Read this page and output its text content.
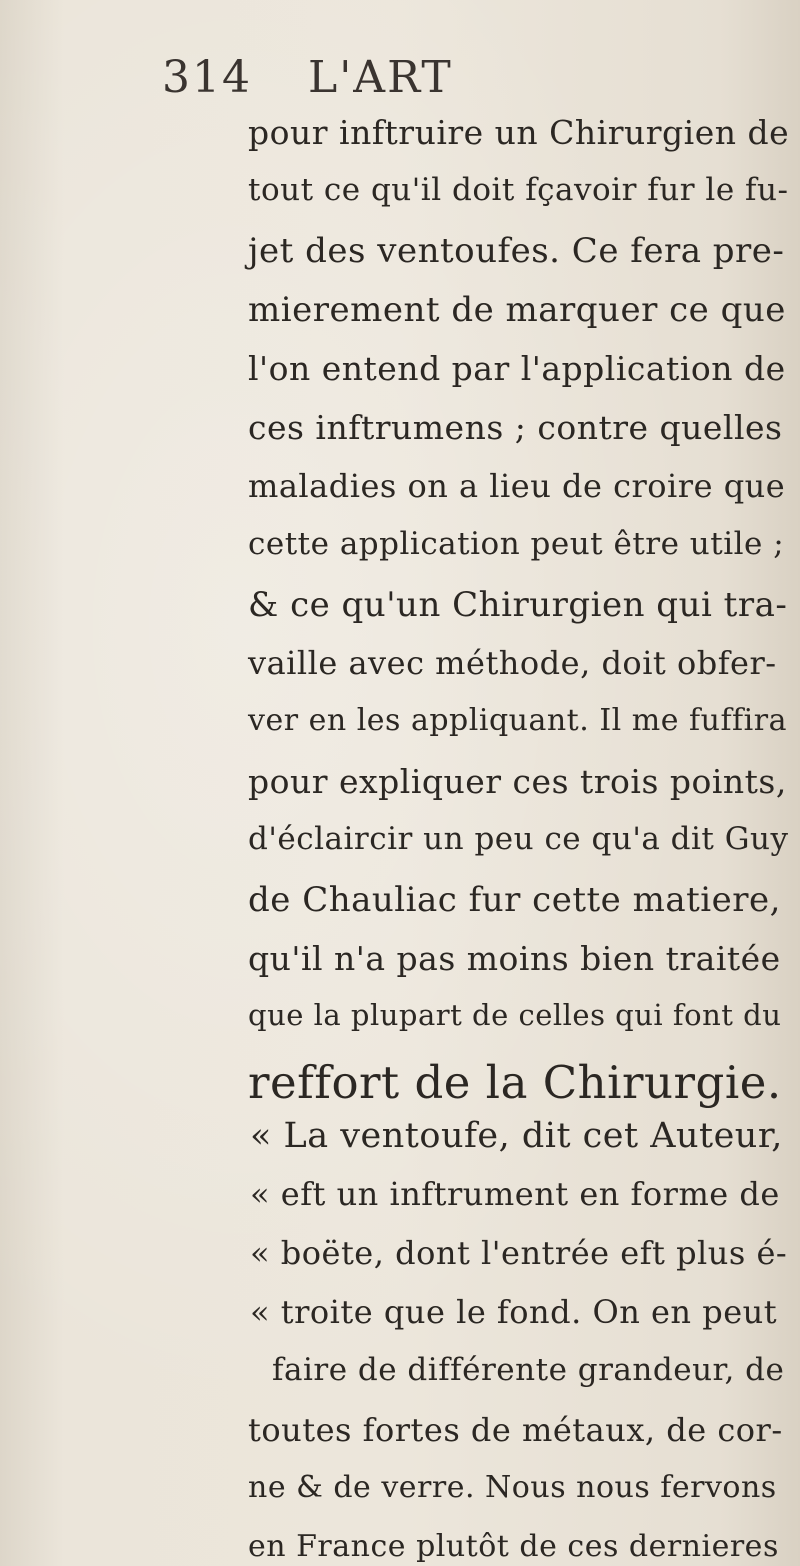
314 L'ART
pour inftruire un Chirurgien de
tout ce qu'il doit fçavoir fur le fu-
jet des ventoufes. Ce fera pre-
mierement de marquer ce que
l'on entend par l'application de
ces inftrumens ; contre quelles
maladies on a lieu de croire que
cette application peut être utile ;
& ce qu'un Chirurgien qui tra-
vaille avec méthode, doit obfer-
ver en les appliquant. Il me fuffira
pour expliquer ces trois points,
d'éclaircir un peu ce qu'a dit Guy
de Chauliac fur cette matiere,
qu'il n'a pas moins bien traitée
que la plupart de celles qui font du
reffort de la Chirurgie.
« La ventoufe, dit cet Auteur,
« eft un inftrument en forme de
« boëte, dont l'entrée eft plus é-
« troite que le fond. On en peut
faire de différente grandeur, de
toutes fortes de métaux, de cor-
ne & de verre. Nous nous fervons
en France plutôt de ces dernieres
